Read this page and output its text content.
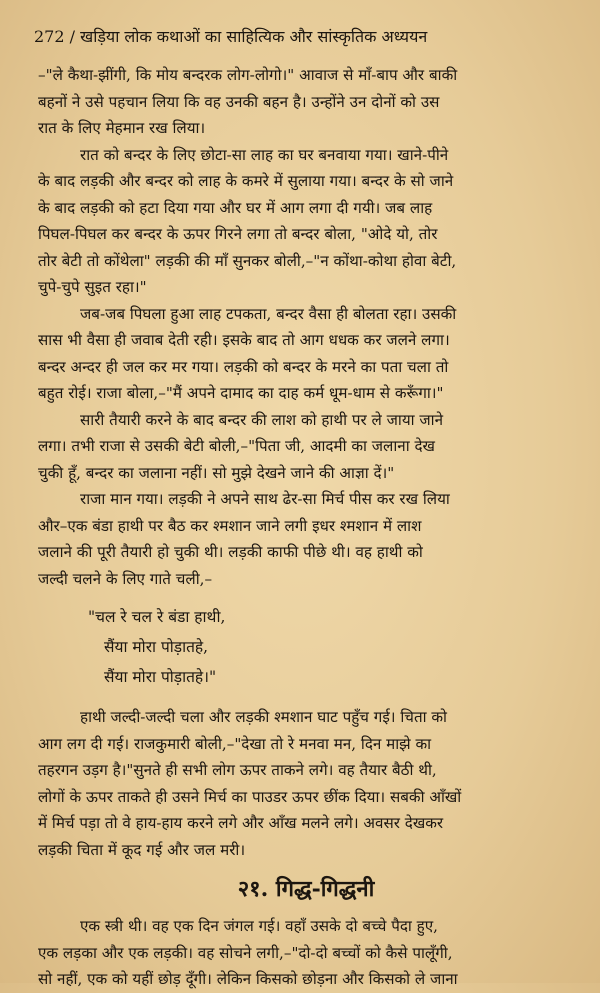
272 / खड़िया लोक कथाओं का साहित्यिक और सांस्कृतिक अध्ययन

–"ले कैथा-झींगी, कि मोय बन्दरक लोग-लोगो।" आवाज से माँ-बाप और बाकी
बहनों ने उसे पहचान लिया कि वह उनकी बहन है। उन्होंने उन दोनों को उस
रात के लिए मेहमान रख लिया।

रात को बन्दर के लिए छोटा-सा लाह का घर बनवाया गया। खाने-पीने
के बाद लड़की और बन्दर को लाह के कमरे में सुलाया गया। बन्दर के सो जाने
के बाद लड़की को हटा दिया गया और घर में आग लगा दी गयी। जब लाह
पिघल-पिघल कर बन्दर के ऊपर गिरने लगा तो बन्दर बोला, "ओदे यो, तोर
तोर बेटी तो कोंथेला" लड़की की माँ सुनकर बोली,–"न कोंथा-कोथा होवा बेटी,
चुपे-चुपे सुइत रहा।"

जब-जब पिघला हुआ लाह टपकता, बन्दर वैसा ही बोलता रहा। उसकी
सास भी वैसा ही जवाब देती रही। इसके बाद तो आग धधक कर जलने लगा।
बन्दर अन्दर ही जल कर मर गया। लड़की को बन्दर के मरने का पता चला तो
बहुत रोई। राजा बोला,–"मैं अपने दामाद का दाह कर्म धूम-धाम से करूँगा।"

सारी तैयारी करने के बाद बन्दर की लाश को हाथी पर ले जाया जाने
लगा। तभी राजा से उसकी बेटी बोली,–"पिता जी, आदमी का जलाना देख
चुकी हूँ, बन्दर का जलाना नहीं। सो मुझे देखने जाने की आज्ञा दें।"

राजा मान गया। लड़की ने अपने साथ ढेर-सा मिर्च पीस कर रख लिया
और–एक बंडा हाथी पर बैठ कर श्मशान जाने लगी इधर श्मशान में लाश
जलाने की पूरी तैयारी हो चुकी थी। लड़की काफी पीछे थी। वह हाथी को
जल्दी चलने के लिए गाते चली,–

"चल रे चल रे बंडा हाथी,
सैंया मोरा पोड़ातहे,
सैंया मोरा पोड़ातहे।"

हाथी जल्दी-जल्दी चला और लड़की श्मशान घाट पहुँच गई। चिता को
आग लग दी गई। राजकुमारी बोली,–"देखा तो रे मनवा मन, दिन माझे का
तहरगन उड़ग है।"सुनते ही सभी लोग ऊपर ताकने लगे। वह तैयार बैठी थी,
लोगों के ऊपर ताकते ही उसने मिर्च का पाउडर ऊपर छींक दिया। सबकी आँखों
में मिर्च पड़ा तो वे हाय-हाय करने लगे और आँख मलने लगे। अवसर देखकर
लड़की चिता में कूद गई और जल मरी।

२१. गिद्ध-गिद्धनी

एक स्त्री थी। वह एक दिन जंगल गई। वहाँ उसके दो बच्चे पैदा हुए,
एक लड़का और एक लड़की। वह सोचने लगी,–"दो-दो बच्चों को कैसे पालूँगी,
सो नहीं, एक को यहीं छोड़ दूँगी। लेकिन किसको छोड़ना और किसको ले जाना
